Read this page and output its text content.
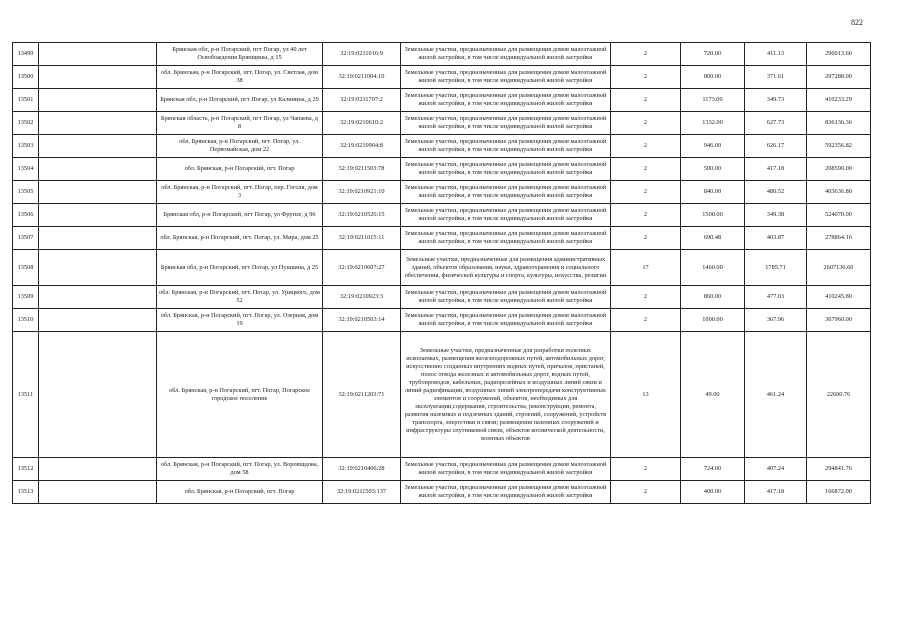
822
13499		Брянская обл, р-н Погарский, пгт Погар, ул 40 лет Освобождения Брянщины, д 15	32:19:0211016:9	Земельные участки, предназначенные для размещения домов малоэтажной жилой застройки, в том числе индивидуальной жилой застройки	2	720.00	411.13	296013.60
13500		обл. Брянская, р-н Погарский, пгт. Погар, ул. Светлая, дом 38	32:19:0211004:10	Земельные участки, предназначенные для размещения домов малоэтажной жилой застройки, в том числе индивидуальной жилой застройки	2	800.00	371.61	297288.00
13501		Брянская обл, р-н Погарский, пгт Погар, ул Калинина, д 29	32:19:0211707:2	Земельные участки, предназначенные для размещения домов малоэтажной жилой застройки, в том числе индивидуальной жилой застройки	2	1173.00	349.73	410233.29
13502		Брянская область, р-н Погарский, пгт Погар, ул Чапаева, д 8	32:19:0210610:2	Земельные участки, предназначенные для размещения домов малоэтажной жилой застройки, в том числе индивидуальной жилой застройки	2	1332.00	627.73	836136.36
13503		обл. Брянская, р-н Погарский, пгт. Погар, ул. Первомайская, дом 22	32:19:0210904:8	Земельные участки, предназначенные для размещения домов малоэтажной жилой застройки, в том числе индивидуальной жилой застройки	2	946.00	626.17	592356.82
13504		обл. Брянская, р-н Погарский, пгт. Погар	32:19:0211503:78	Земельные участки, предназначенные для размещения домов малоэтажной жилой застройки, в том числе индивидуальной жилой застройки	2	500.00	417.18	208590.00
13505		обл. Брянская, р-н Погарский, пгт. Погар, пер. Гоголя, дом 3	32:19:0210921:10	Земельные участки, предназначенные для размещения домов малоэтажной жилой застройки, в том числе индивидуальной жилой застройки	2	840.00	480.52	403636.80
13506		Брянская обл, р-н Погарский, пгт Погар, ул Фрунзе, д 96	32:19:0210526:15	Земельные участки, предназначенные для размещения домов малоэтажной жилой застройки, в том числе индивидуальной жилой застройки	2	1500.00	349.38	524070.00
13507		обл. Брянская, р-н Погарский, пгт. Погар, ул. Мира, дом 25	32:19:0211015:11	Земельные участки, предназначенные для размещения домов малоэтажной жилой застройки, в том числе индивидуальной жилой застройки	2	690.48	403.87	278864.16
13508		Брянская обл, р-н Погарский, пгт Погар, ул Пушкина, д 25	32:19:0210607:27	Земельные участки, предназначенные для размещения административных зданий, объектов образования, науки, здравоохранения и социального обеспечения, физической культуры и спорта, культуры, искусства, религии	17	1460.00	1785.71	2607136.60
13509		обл. Брянская, р-н Погарский, пгт. Погар, ул. Урицкого, дом 52	32:19:0210923:3	Земельные участки, предназначенные для размещения домов малоэтажной жилой застройки, в том числе индивидуальной жилой застройки	2	860.00	477.03	410245.80
13510		обл. Брянская, р-н Погарский, пгт. Погар, ул. Озерная, дом 19	32:19:0210503:14	Земельные участки, предназначенные для размещения домов малоэтажной жилой застройки, в том числе индивидуальной жилой застройки	2	1000.00	367.96	367960.00
13511		обл. Брянская, р-н Погарский, пгт. Погар, Погарское городское поселение	32:19:0211203:71	Земельные участки, предназначенные для разработки полезных ископаемых, размещения железнодорожных путей, автомобильных дорог, искусственно созданных внутренних водных путей, причалов, пристаней, полос отвода железных и автомобильных дорог, водных путей, трубопроводов, кабельных, радиорелейных и воздушных линий связи и линий радиофикации, воздушных линий электропередачи конструктивных элементов и сооружений, объектов, необходимых для эксплуатации,содержания, строительства, реконструкции, ремонта, развития наземных и подземных зданий, строений, сооружений, устройств транспорта, энергетики и связи; размещения наземных сооружений и инфраструктуры спутниковой связи, объектов космической деятельности, военных объектов	13	49.00	461.24	22600.76
13512		обл. Брянская, р-н Погарский, пгт. Погар, ул. Воровщцова, дом 58	32:19:0210406:28	Земельные участки, предназначенные для размещения домов малоэтажной жилой застройки, в том числе индивидуальной жилой застройки	2	724.00	407.24	294841.76
13513		обл. Брянская, р-н Погарский, пгт. Погар	32:19:0211503:137	Земельные участки, предназначенные для размещения домов малоэтажной жилой застройки, в том числе индивидуальной жилой застройки	2	400.00	417.18	166872.00
